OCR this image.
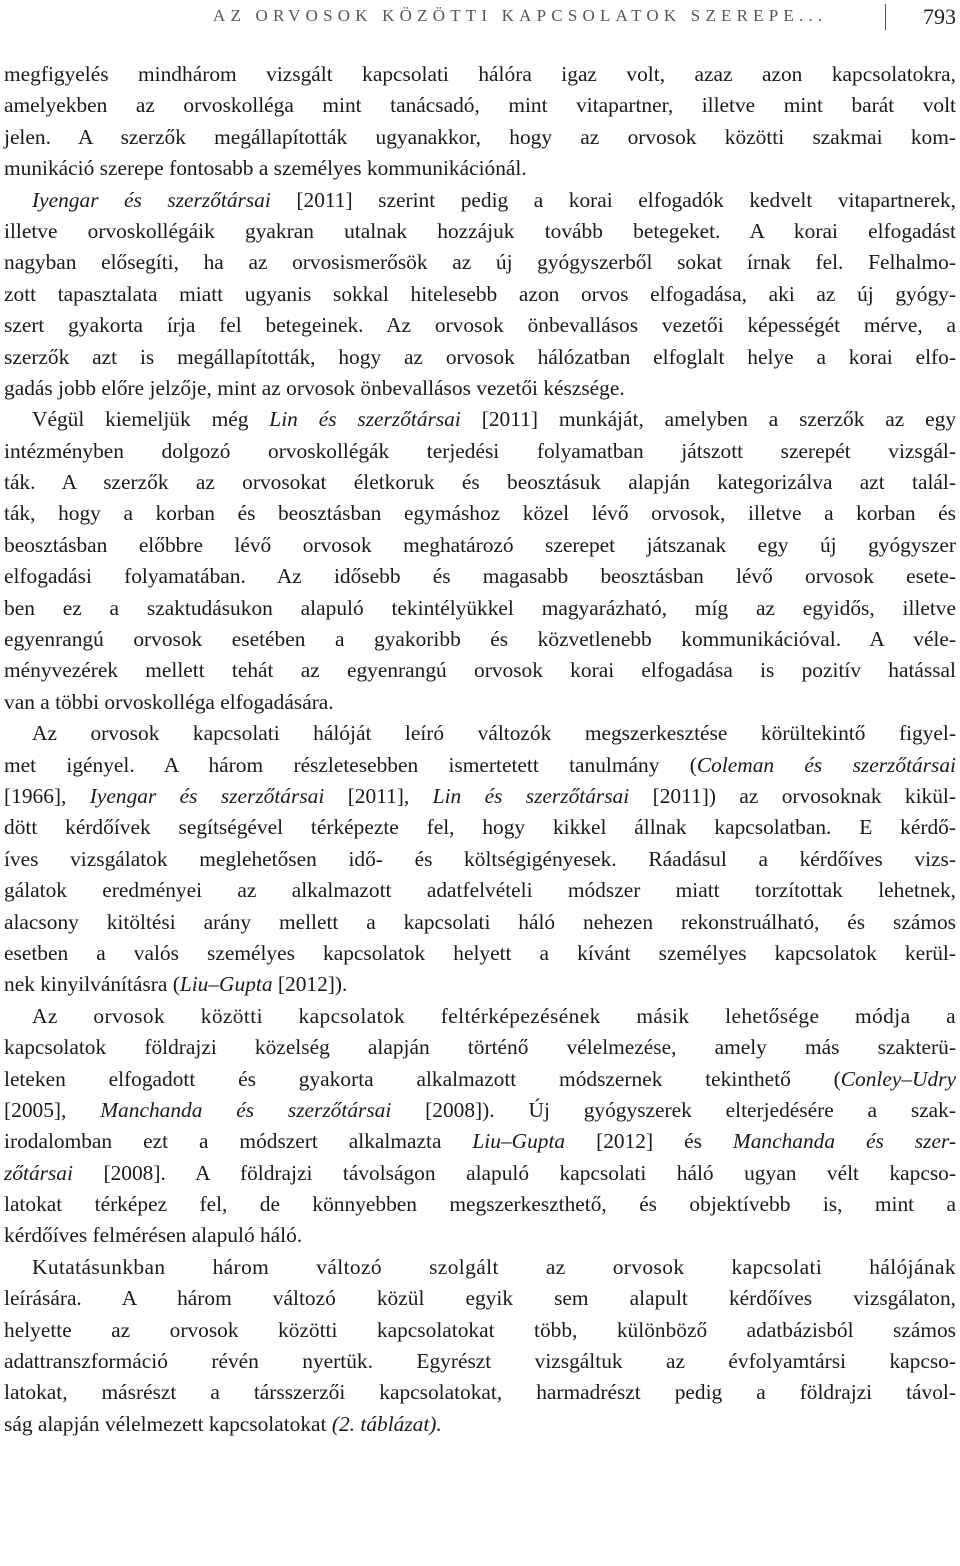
AZ ORVOSOK KÖZÖTTI KAPCSOLATOK SZEREPE...	793
megfigyelés mindhárom vizsgált kapcsolati hálóra igaz volt, azaz azon kapcsolatokra,
amelyekben az orvoskolléga mint tanácsadó, mint vitapartner, illetve mint barát volt
jelen. A szerzők megállapították ugyanakkor, hogy az orvosok közötti szakmai kom-
munikáció szerepe fontosabb a személyes kommunikációnál.
Iyengar és szerzőtársai [2011] szerint pedig a korai elfogadók kedvelt vitapartnerek,
illetve orvoskollégáik gyakran utalnak hozzájuk tovább betegeket. A korai elfogadást
nagyban elősegíti, ha az orvosismerősök az új gyógyszerből sokat írnak fel. Felhalmo-
zott tapasztalata miatt ugyanis sokkal hitelesebb azon orvos elfogadása, aki az új gyógy-
szert gyakorta írja fel betegeinek. Az orvosok önbevallásos vezetői képességét mérve, a
szerzők azt is megállapították, hogy az orvosok hálózatban elfoglalt helye a korai elfo-
gadás jobb előre jelzője, mint az orvosok önbevallásos vezetői készsége.
Végül kiemeljük még Lin és szerzőtársai [2011] munkáját, amelyben a szerzők az egy
intézményben dolgozó orvoskollégák terjedési folyamatban játszott szerepét vizsgál-
ták. A szerzők az orvosokat életkoruk és beosztásuk alapján kategorizálva azt talál-
ták, hogy a korban és beosztásban egymáshoz közel lévő orvosok, illetve a korban és
beosztásban előbbre lévő orvosok meghatározó szerepet játszanak egy új gyógyszer
elfogadási folyamatában. Az idősebb és magasabb beosztásban lévő orvosok esete-
ben ez a szaktudásukon alapuló tekintélyükkel magyarázható, míg az egyidős, illetve
egyenrangú orvosok esetében a gyakoribb és közvetlenebb kommunikációval. A véle-
ményvezérek mellett tehát az egyenrangú orvosok korai elfogadása is pozitív hatással
van a többi orvoskolléga elfogadására.
Az orvosok kapcsolati hálóját leíró változók megszerkesztése körültekintő figyel-
met igényel. A három részletesebben ismertetett tanulmány (Coleman és szerzőtársai
[1966], Iyengar és szerzőtársai [2011], Lin és szerzőtársai [2011]) az orvosoknak kikül-
dött kérdőívek segítségével térképezte fel, hogy kikkel állnak kapcsolatban. E kérdő-
íves vizsgálatok meglehetősen idő- és költségigényesek. Ráadásul a kérdőíves vizs-
gálatok eredményei az alkalmazott adatfelvételi módszer miatt torzítottak lehetnek,
alacsony kitöltési arány mellett a kapcsolati háló nehezen rekonstruálható, és számos
esetben a valós személyes kapcsolatok helyett a kívánt személyes kapcsolatok kerül-
nek kinyilvánításra (Liu–Gupta [2012]).
Az orvosok közötti kapcsolatok feltérképezésének másik lehetősége módja a
kapcsolatok földrajzi közelség alapján történő vélelmezése, amely más szakterü-
leteken elfogadott és gyakorta alkalmazott módszernek tekinthető (Conley–Udry
[2005], Manchanda és szerzőtársai [2008]). Új gyógyszerek elterjedésére a szak-
irodalomban ezt a módszert alkalmazta Liu–Gupta [2012] és Manchanda és szer-
zőtársai [2008]. A földrajzi távolságon alapuló kapcsolati háló ugyan vélt kapcso-
latokat térképez fel, de könnyebben megszerkeszthető, és objektívebb is, mint a
kérdőíves felmérésen alapuló háló.
Kutatásunkban három változó szolgált az orvosok kapcsolati hálójának
leírására. A három változó közül egyik sem alapult kérdőíves vizsgálaton,
helyette az orvosok közötti kapcsolatokat több, különböző adatbázisból számos
adattranszformáció révén nyertük. Egyrészt vizsgáltuk az évfolyamtársi kapcso-
latokat, másrészt a társszerzői kapcsolatokat, harmadrészt pedig a földrajzi távol-
ság alapján vélelmezett kapcsolatokat (2. táblázat).
